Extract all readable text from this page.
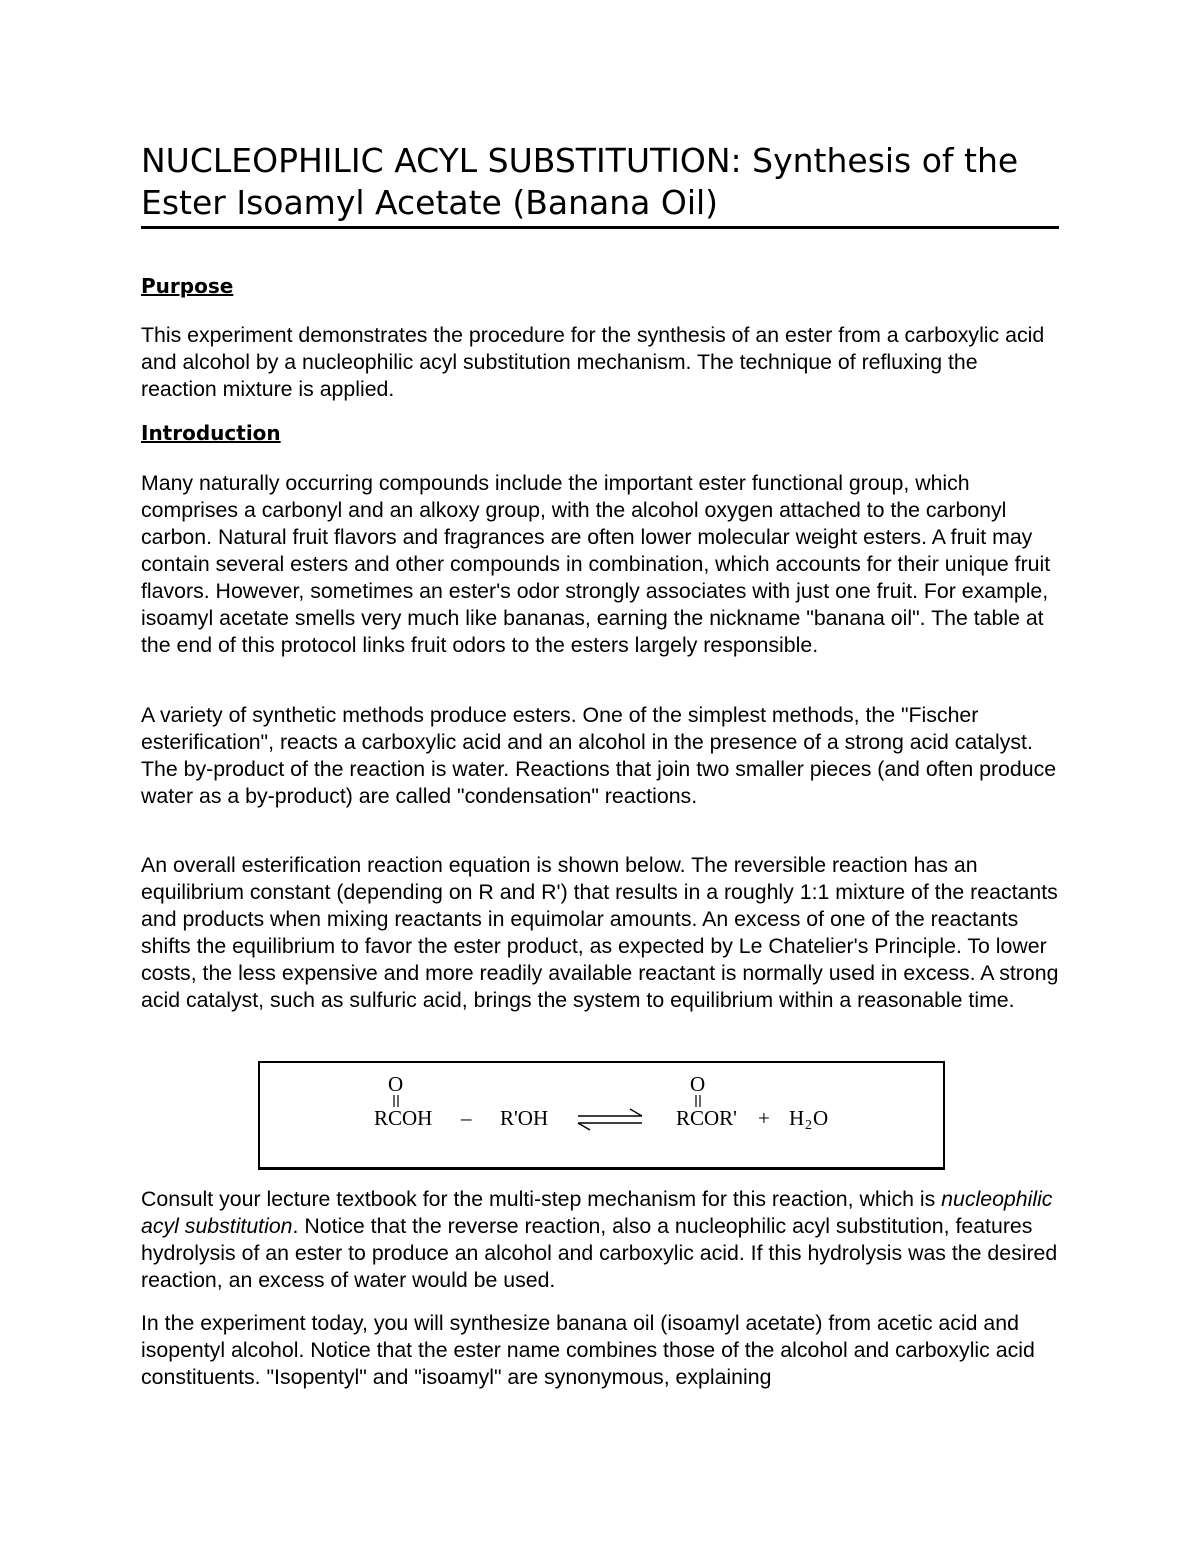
NUCLEOPHILIC ACYL SUBSTITUTION: Synthesis of the Ester Isoamyl Acetate (Banana Oil)
Purpose

This experiment demonstrates the procedure for the synthesis of an ester from a carboxylic acid and alcohol by a nucleophilic acyl substitution mechanism. The technique of refluxing the reaction mixture is applied.

Introduction

Many naturally occurring compounds include the important ester functional group, which comprises a carbonyl and an alkoxy group, with the alcohol oxygen attached to the carbonyl carbon. Natural fruit flavors and fragrances are often lower molecular weight esters. A fruit may contain several esters and other compounds in combination, which accounts for their unique fruit flavors. However, sometimes an ester's odor strongly associates with just one fruit. For example, isoamyl acetate smells very much like bananas, earning the nickname "banana oil". The table at the end of this protocol links fruit odors to the esters largely responsible.

A variety of synthetic methods produce esters. One of the simplest methods, the "Fischer esterification", reacts a carboxylic acid and an alcohol in the presence of a strong acid catalyst. The by-product of the reaction is water. Reactions that join two smaller pieces (and often produce water as a by-product) are called "condensation" reactions.

An overall esterification reaction equation is shown below. The reversible reaction has an equilibrium constant (depending on R and R') that results in a roughly 1:1 mixture of the reactants and products when mixing reactants in equimolar amounts. An excess of one of the reactants shifts the equilibrium to favor the ester product, as expected by Le Chatelier's Principle. To lower costs, the less expensive and more readily available reactant is normally used in excess. A strong acid catalyst, such as sulfuric acid, brings the system to equilibrium within a reasonable time.

O
RCOH – R'OH
O
RCOR' + H 2 O

Consult your lecture textbook for the multi-step mechanism for this reaction, which is nucleophilic acyl substitution. Notice that the reverse reaction, also a nucleophilic acyl substitution, features hydrolysis of an ester to produce an alcohol and carboxylic acid. If this hydrolysis was the desired reaction, an excess of water would be used.

In the experiment today, you will synthesize banana oil (isoamyl acetate) from acetic acid and isopentyl alcohol. Notice that the ester name combines those of the alcohol and carboxylic acid constituents. "Isopentyl" and "isoamyl" are synonymous, explaining
